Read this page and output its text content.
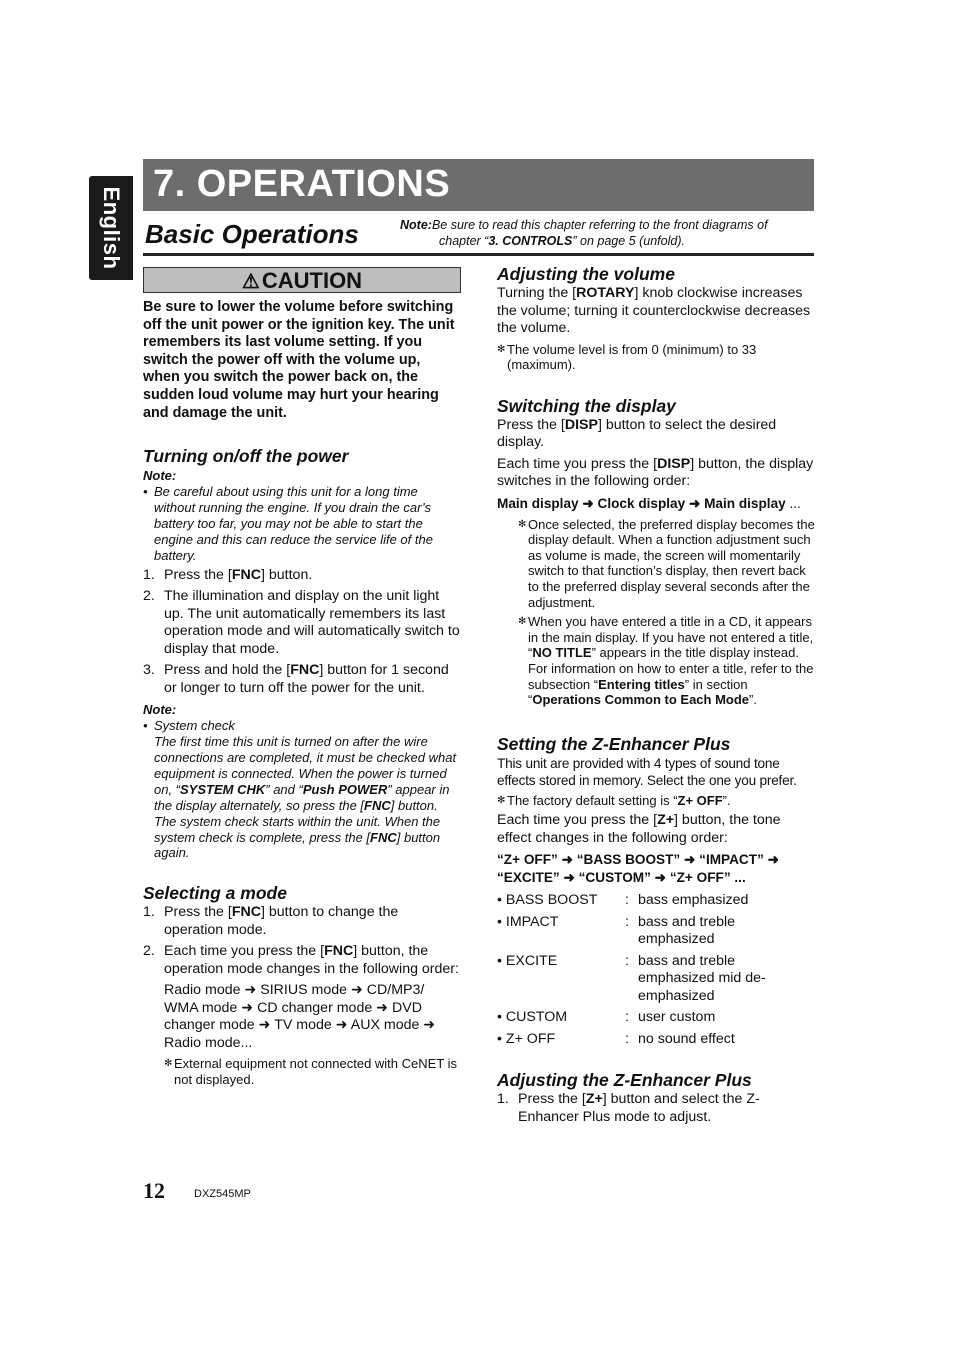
English
7. OPERATIONS
Basic Operations	Note:Be sure to read this chapter referring to the front diagrams of
chapter “3. CONTROLS” on page 5 (unfold).
⚠CAUTION

Be sure to lower the volume before switching off the unit power or the ignition key. The unit remembers its last volume setting. If you switch the power off with the volume up, when you switch the power back on, the sudden loud volume may hurt your hearing and damage the unit.

Turning on/off the power
Note:
• Be careful about using this unit for a long time without running the engine. If you drain the car’s battery too far, you may not be able to start the engine and this can reduce the service life of the battery.
1. Press the [FNC] button.
2. The illumination and display on the unit light up. The unit automatically remembers its last operation mode and will automatically switch to display that mode.
3. Press and hold the [FNC] button for 1 second or longer to turn off the power for the unit.
Note:
• System check
The first time this unit is turned on after the wire connections are completed, it must be checked what equipment is connected. When the power is turned on, “SYSTEM CHK” and “Push POWER” appear in the display alternately, so press the [FNC] button. The system check starts within the unit. When the system check is complete, press the [FNC] button again.
Selecting a mode
1. Press the [FNC] button to change the operation mode.
2. Each time you press the [FNC] button, the operation mode changes in the following order:

Radio mode ➜ SIRIUS mode ➜ CD/MP3/ WMA mode ➜ CD changer mode ➜ DVD changer mode ➜ TV mode ➜ AUX mode ➜ Radio mode...

✻ External equipment not connected with CeNET is not displayed.
Adjusting the volume

Turning the [ROTARY] knob clockwise increases the volume; turning it counterclockwise decreases the volume.

✻ The volume level is from 0 (minimum) to 33 (maximum).
Switching the display

Press the [DISP] button to select the desired display.

Each time you press the [DISP] button, the display switches in the following order:

Main display ➜ Clock display ➜ Main display ...
✻ Once selected, the preferred display becomes the display default. When a function adjustment such as volume is made, the screen will momentarily switch to that function’s display, then revert back to the preferred display several seconds after the adjustment.
✻ When you have entered a title in a CD, it appears in the main display. If you have not entered a title, “NO TITLE” appears in the title display instead. For information on how to enter a title, refer to the subsection “Entering titles” in section “Operations Common to Each Mode”.
Setting the Z-Enhancer Plus

This unit are provided with 4 types of sound tone effects stored in memory. Select the one you prefer.

✻ The factory default setting is “Z+ OFF”.

Each time you press the [Z+] button, the tone effect changes in the following order:

“Z+ OFF” ➜ “BASS BOOST” ➜ “IMPACT” ➜ “EXCITE” ➜ “CUSTOM” ➜ “Z+ OFF” ...
• BASS BOOST	:	bass emphasized
• IMPACT	:	bass and treble emphasized
• EXCITE	:	bass and treble emphasized mid de-emphasized
• CUSTOM	:	user custom
• Z+ OFF	:	no sound effect
Adjusting the Z-Enhancer Plus
1. Press the [Z+] button and select the Z-Enhancer Plus mode to adjust.
12	DXZ545MP
